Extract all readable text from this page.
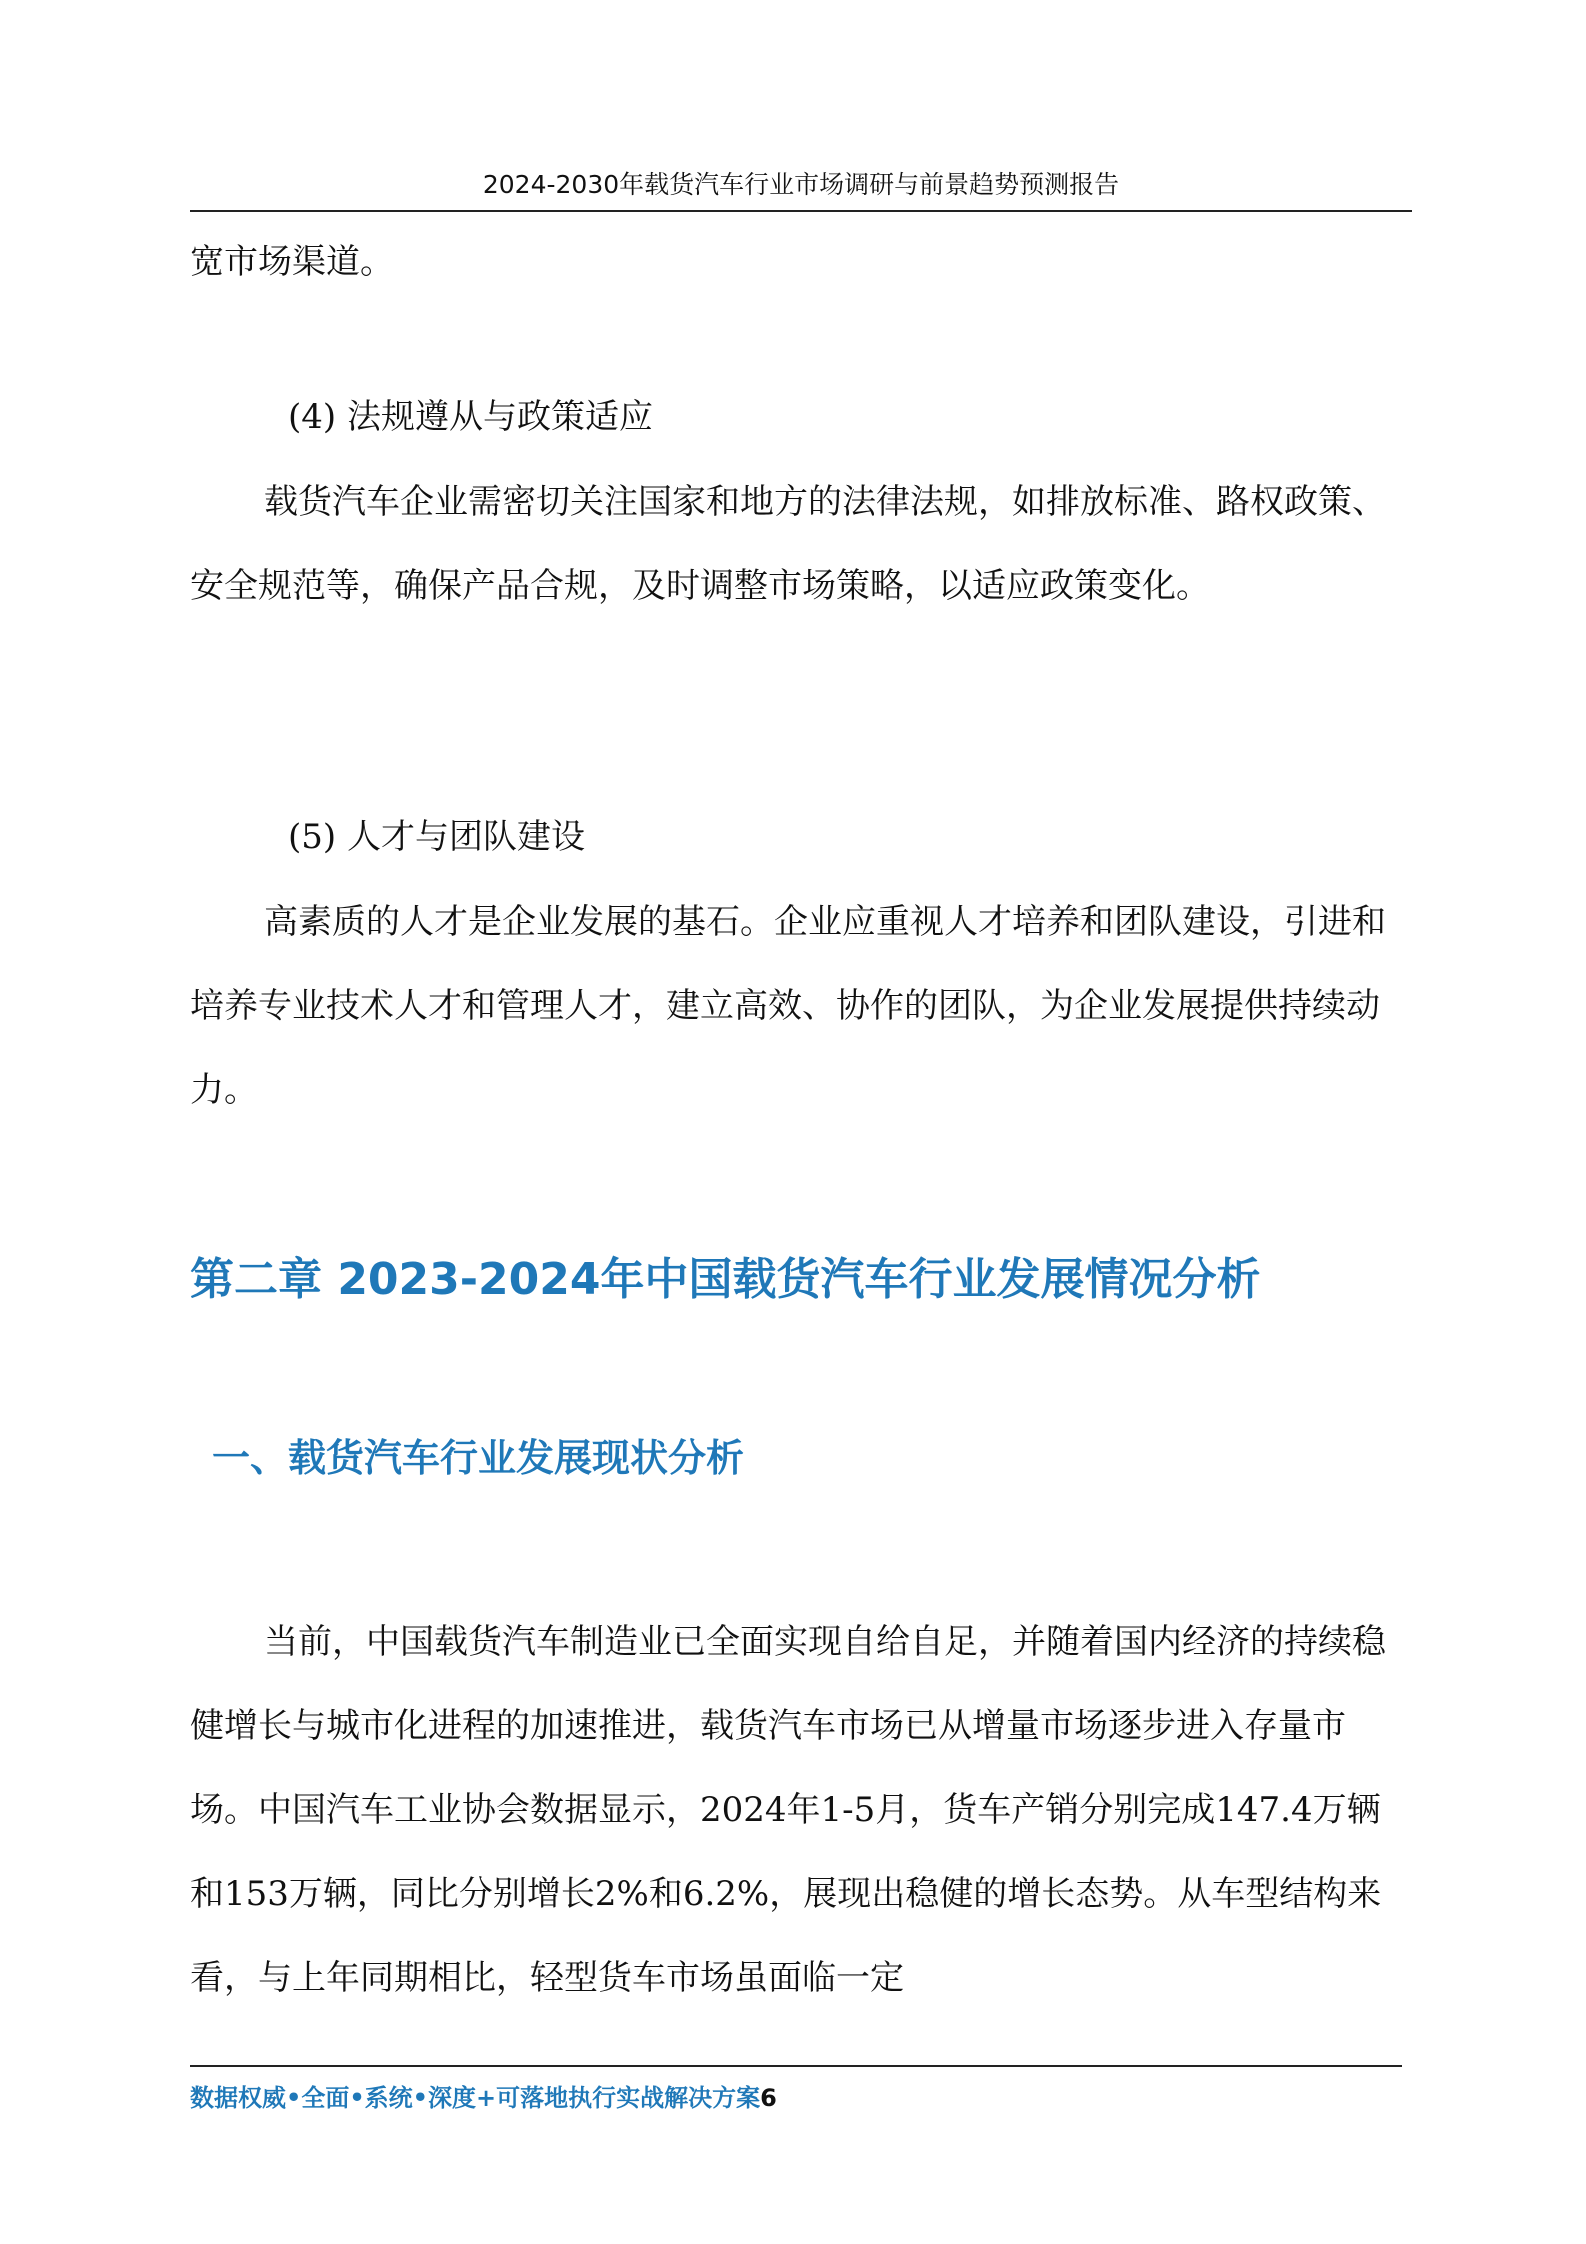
2024-2030年载货汽车行业市场调研与前景趋势预测报告

宽市场渠道。

(4) 法规遵从与政策适应

载货汽车企业需密切关注国家和地方的法律法规，如排放标准、路权政策、安全规范等，确保产品合规，及时调整市场策略，以适应政策变化。

(5) 人才与团队建设

高素质的人才是企业发展的基石。企业应重视人才培养和团队建设，引进和培养专业技术人才和管理人才，建立高效、协作的团队，为企业发展提供持续动力。

第二章 2023-2024年中国载货汽车行业发展情况分析
一、载货汽车行业发展现状分析

当前，中国载货汽车制造业已全面实现自给自足，并随着国内经济的持续稳健增长与城市化进程的加速推进，载货汽车市场已从增量市场逐步进入存量市场。中国汽车工业协会数据显示，2024年1-5月，货车产销分别完成147.4万辆和153万辆，同比分别增长2%和6.2%，展现出稳健的增长态势。从车型结构来看，与上年同期相比，轻型货车市场虽面临一定

数据权威•全面•系统•深度+可落地执行实战解决方案6
